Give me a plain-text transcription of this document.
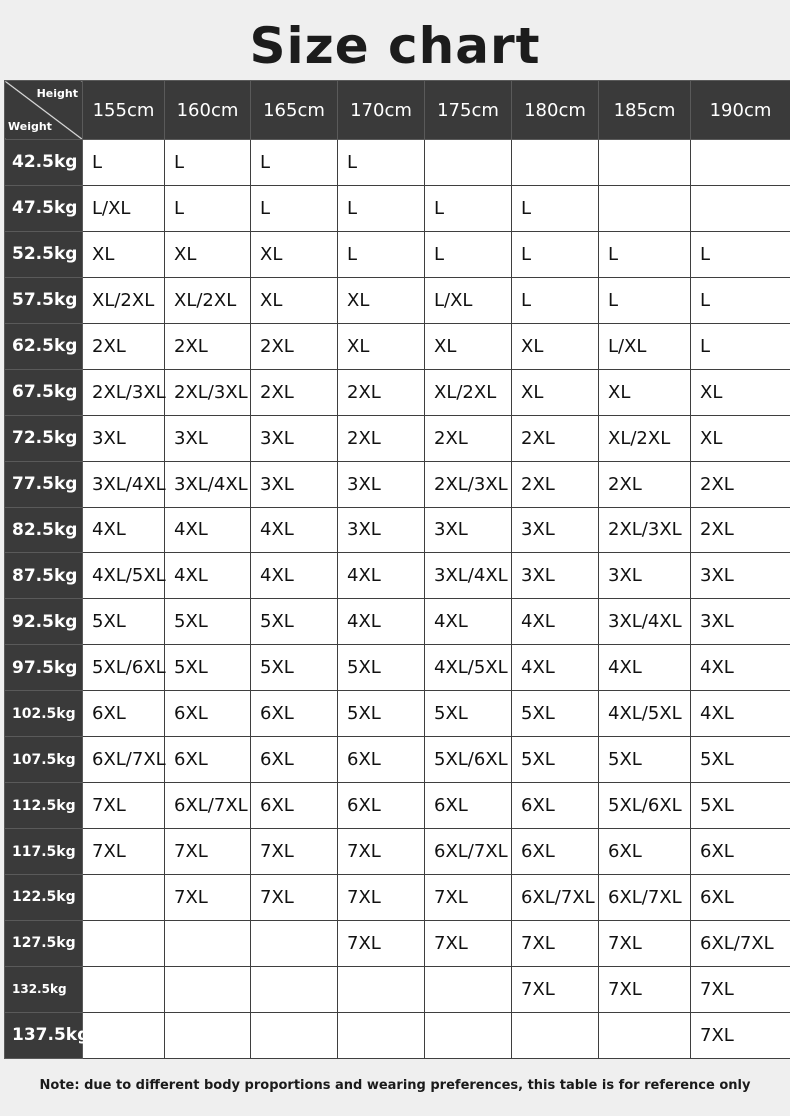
Size chart
Height
Weight	155cm	160cm	165cm	170cm	175cm	180cm	185cm	190cm
42.5kg	L	L	L	L				
47.5kg	L/XL	L	L	L	L	L		
52.5kg	XL	XL	XL	L	L	L	L	L
57.5kg	XL/2XL	XL/2XL	XL	XL	L/XL	L	L	L
62.5kg	2XL	2XL	2XL	XL	XL	XL	L/XL	L
67.5kg	2XL/3XL	2XL/3XL	2XL	2XL	XL/2XL	XL	XL	XL
72.5kg	3XL	3XL	3XL	2XL	2XL	2XL	XL/2XL	XL
77.5kg	3XL/4XL	3XL/4XL	3XL	3XL	2XL/3XL	2XL	2XL	2XL
82.5kg	4XL	4XL	4XL	3XL	3XL	3XL	2XL/3XL	2XL
87.5kg	4XL/5XL	4XL	4XL	4XL	3XL/4XL	3XL	3XL	3XL
92.5kg	5XL	5XL	5XL	4XL	4XL	4XL	3XL/4XL	3XL
97.5kg	5XL/6XL	5XL	5XL	5XL	4XL/5XL	4XL	4XL	4XL
102.5kg	6XL	6XL	6XL	5XL	5XL	5XL	4XL/5XL	4XL
107.5kg	6XL/7XL	6XL	6XL	6XL	5XL/6XL	5XL	5XL	5XL
112.5kg	7XL	6XL/7XL	6XL	6XL	6XL	6XL	5XL/6XL	5XL
117.5kg	7XL	7XL	7XL	7XL	6XL/7XL	6XL	6XL	6XL
122.5kg		7XL	7XL	7XL	7XL	6XL/7XL	6XL/7XL	6XL
127.5kg				7XL	7XL	7XL	7XL	6XL/7XL
132.5kg						7XL	7XL	7XL
137.5kg								7XL
Note: due to different body proportions and wearing preferences, this table is for reference only
